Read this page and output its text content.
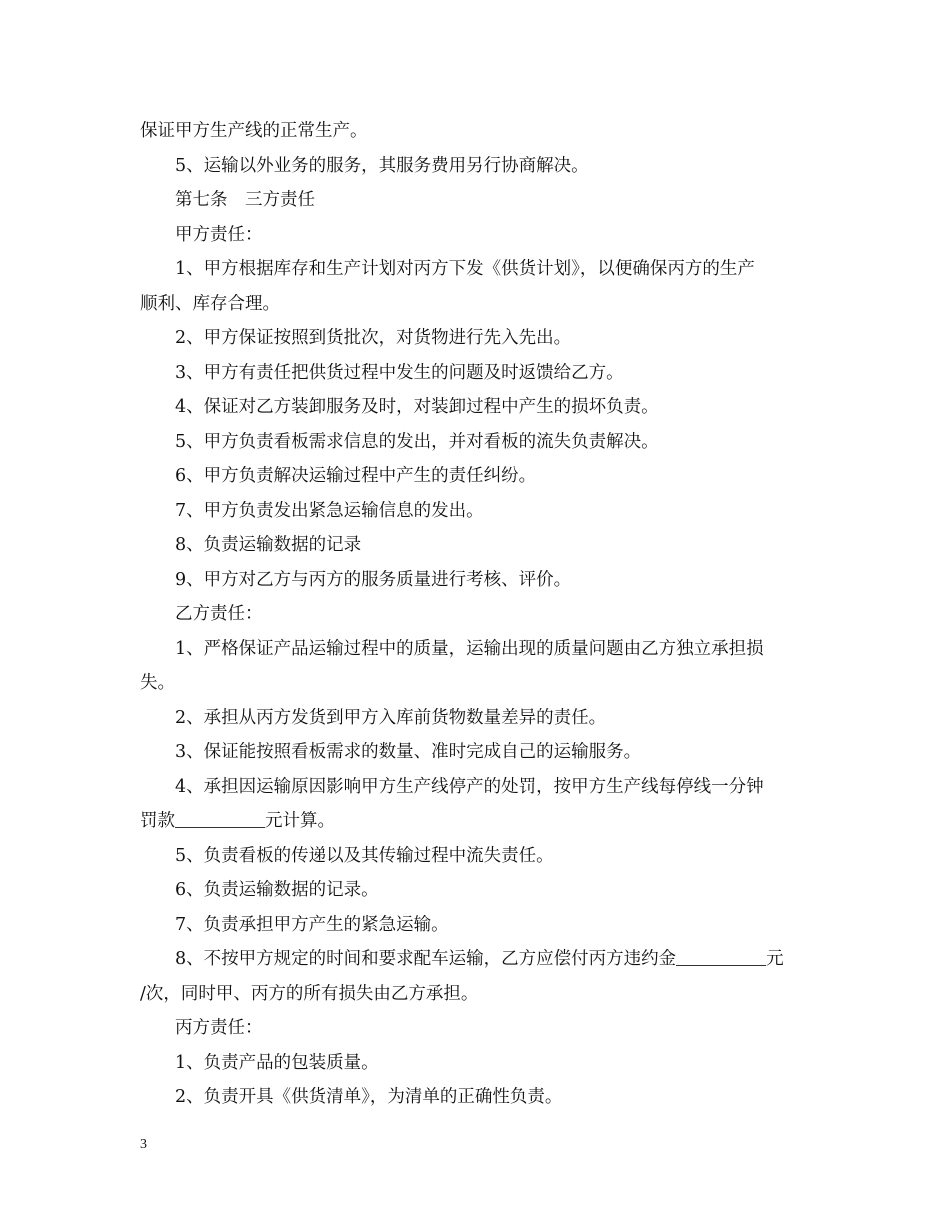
保证甲方生产线的正常生产。

5、运输以外业务的服务，其服务费用另行协商解决。

第七条　三方责任

甲方责任：

1、甲方根据库存和生产计划对丙方下发《供货计划》，以便确保丙方的生产

顺利、库存合理。

2、甲方保证按照到货批次，对货物进行先入先出。

3、甲方有责任把供货过程中发生的问题及时返馈给乙方。

4、保证对乙方装卸服务及时，对装卸过程中产生的损坏负责。

5、甲方负责看板需求信息的发出，并对看板的流失负责解决。

6、甲方负责解决运输过程中产生的责任纠纷。

7、甲方负责发出紧急运输信息的发出。

8、负责运输数据的记录

9、甲方对乙方与丙方的服务质量进行考核、评价。

乙方责任：

1、严格保证产品运输过程中的质量，运输出现的质量问题由乙方独立承担损

失。

2、承担从丙方发货到甲方入库前货物数量差异的责任。

3、保证能按照看板需求的数量、准时完成自己的运输服务。

4、承担因运输原因影响甲方生产线停产的处罚，按甲方生产线每停线一分钟

罚款	元计算。

5、负责看板的传递以及其传输过程中流失责任。

6、负责运输数据的记录。

7、负责承担甲方产生的紧急运输。

8、不按甲方规定的时间和要求配车运输，乙方应偿付丙方违约金	元

/次，同时甲、丙方的所有损失由乙方承担。

丙方责任：

1、负责产品的包装质量。

2、负责开具《供货清单》，为清单的正确性负责。

3
